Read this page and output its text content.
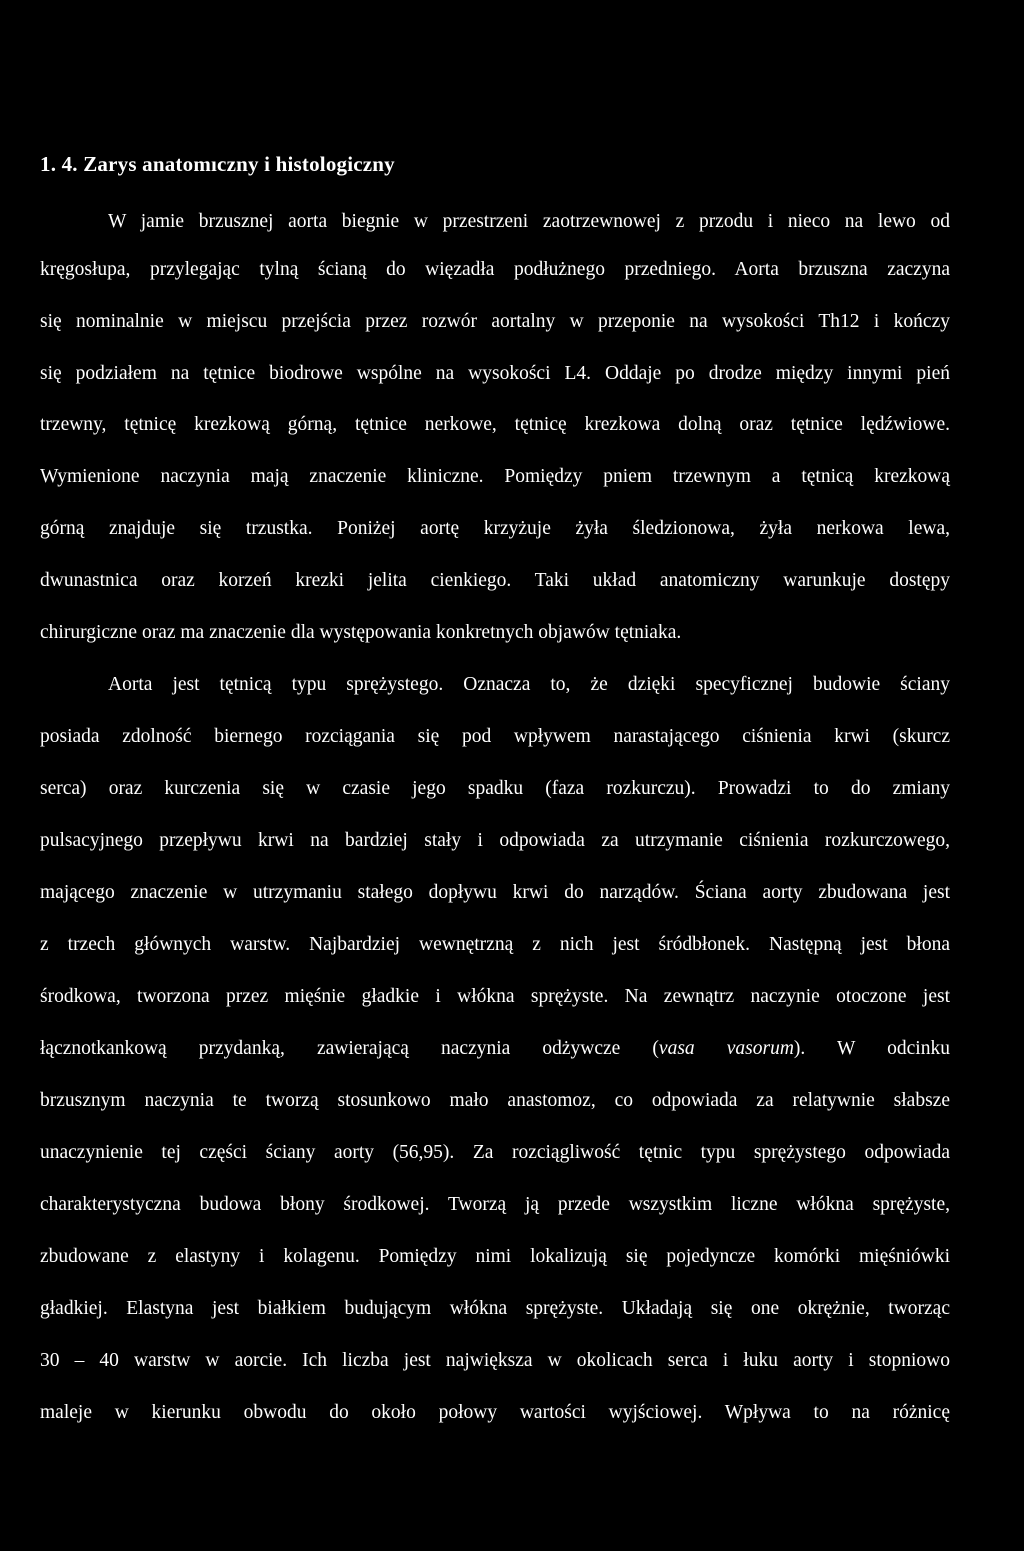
1. 4. Zarys anatomıczny i histologiczny

W jamie brzusznej aorta biegnie w przestrzeni zaotrzewnowej z przodu i nieco na lewo od

kręgosłupa, przylegając tylną ścianą do więzadła podłużnego przedniego. Aorta brzuszna zaczyna

się nominalnie w miejscu przejścia przez rozwór aortalny w przeponie na wysokości Th12 i kończy

się podziałem na tętnice biodrowe wspólne na wysokości L4. Oddaje po drodze między innymi pień

trzewny, tętnicę krezkową górną, tętnice nerkowe, tętnicę krezkowa dolną oraz tętnice lędźwiowe.

Wymienione naczynia mają znaczenie kliniczne. Pomiędzy pniem trzewnym a tętnicą krezkową

górną znajduje się trzustka. Poniżej aortę krzyżuje żyła śledzionowa, żyła nerkowa lewa,

dwunastnica oraz korzeń krezki jelita cienkiego. Taki układ anatomiczny warunkuje dostępy

chirurgiczne oraz ma znaczenie dla występowania konkretnych objawów tętniaka.

Aorta jest tętnicą typu sprężystego. Oznacza to, że dzięki specyficznej budowie ściany

posiada zdolność biernego rozciągania się pod wpływem narastającego ciśnienia krwi (skurcz

serca) oraz kurczenia się w czasie jego spadku (faza rozkurczu). Prowadzi to do zmiany

pulsacyjnego przepływu krwi na bardziej stały i odpowiada za utrzymanie ciśnienia rozkurczowego,

mającego znaczenie w utrzymaniu stałego dopływu krwi do narządów. Ściana aorty zbudowana jest

z trzech głównych warstw. Najbardziej wewnętrzną z nich jest śródbłonek. Następną jest błona

środkowa, tworzona przez mięśnie gładkie i włókna sprężyste. Na zewnątrz naczynie otoczone jest

łącznotkankową przydanką, zawierającą naczynia odżywcze (vasa vasorum). W odcinku

brzusznym naczynia te tworzą stosunkowo mało anastomoz, co odpowiada za relatywnie słabsze

unaczynienie tej części ściany aorty (56,95). Za rozciągliwość tętnic typu sprężystego odpowiada

charakterystyczna budowa błony środkowej. Tworzą ją przede wszystkim liczne włókna sprężyste,

zbudowane z elastyny i kolagenu. Pomiędzy nimi lokalizują się pojedyncze komórki mięśniówki

gładkiej. Elastyna jest białkiem budującym włókna sprężyste. Układają się one okrężnie, tworząc

30 – 40 warstw w aorcie. Ich liczba jest największa w okolicach serca i łuku aorty i stopniowo

maleje w kierunku obwodu do około połowy wartości wyjściowej. Wpływa to na różnicę
